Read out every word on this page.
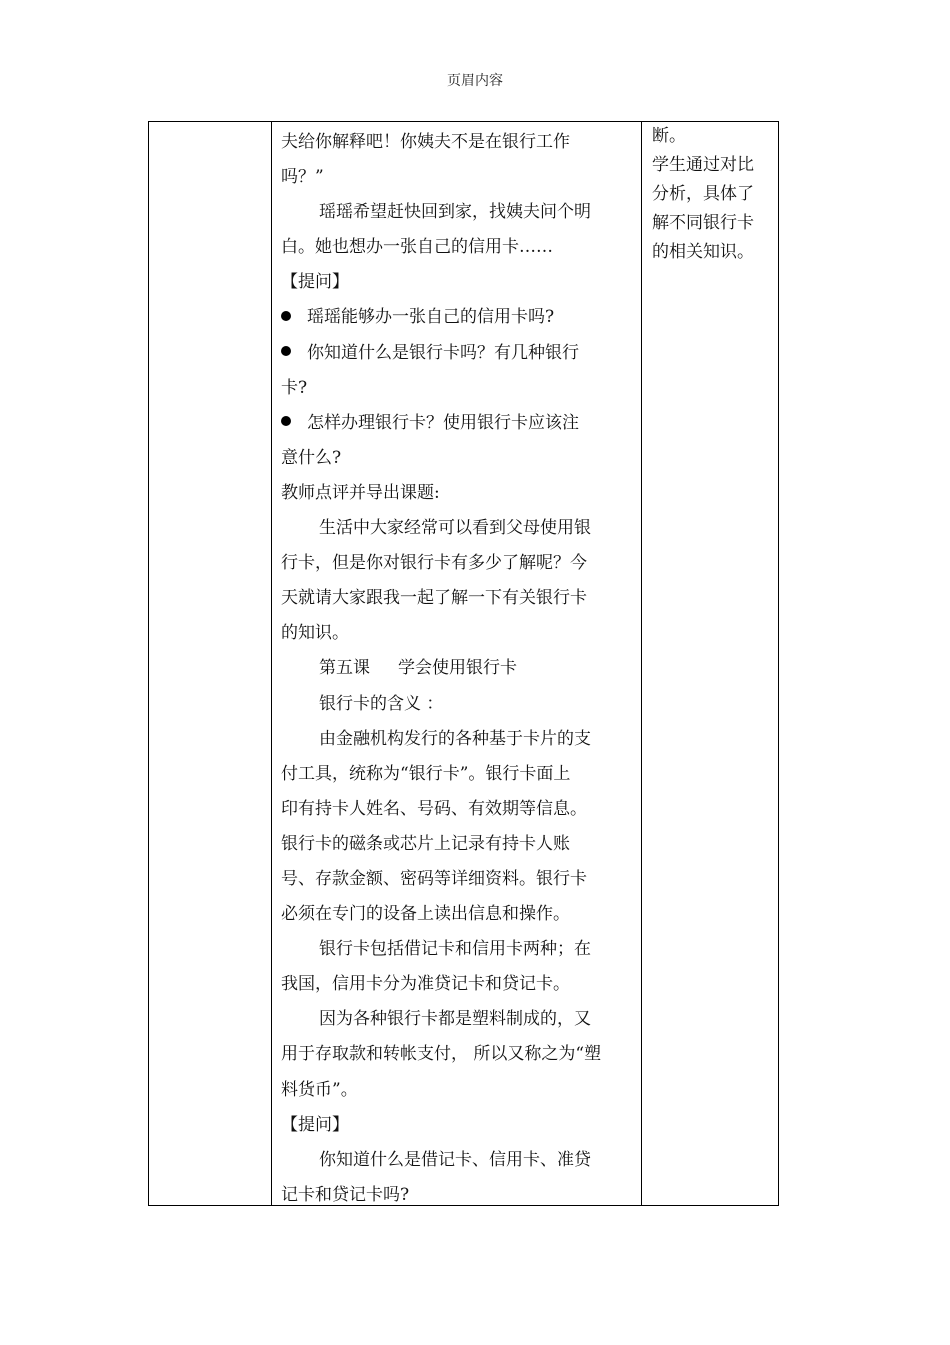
页眉内容
夫给你解释吧！你姨夫不是在银行工作
吗？”
瑶瑶希望赶快回到家，找姨夫问个明
白。她也想办一张自己的信用卡……
【提问】
瑶瑶能够办一张自己的信用卡吗?
你知道什么是银行卡吗？有几种银行
卡?
怎样办理银行卡？使用银行卡应该注
意什么?
教师点评并导出课题:
生活中大家经常可以看到父母使用银
行卡，但是你对银行卡有多少了解呢？今
天就请大家跟我一起了解一下有关银行卡
的知识。
第五课 学会使用银行卡
银行卡的含义 ：
由金融机构发行的各种基于卡片的支
付工具，统称为“银行卡”。银行卡面上
印有持卡人姓名、号码、有效期等信息。
银行卡的磁条或芯片上记录有持卡人账
号、存款金额、密码等详细资料。银行卡
必须在专门的设备上读出信息和操作。
银行卡包括借记卡和信用卡两种；在
我国，信用卡分为准贷记卡和贷记卡。
因为各种银行卡都是塑料制成的，又
用于存取款和转帐支付， 所以又称之为“塑
料货币”。
【提问】
你知道什么是借记卡、信用卡、准贷
记卡和贷记卡吗?
断。
学生通过对比
分析，具体了
解不同银行卡
的相关知识。
